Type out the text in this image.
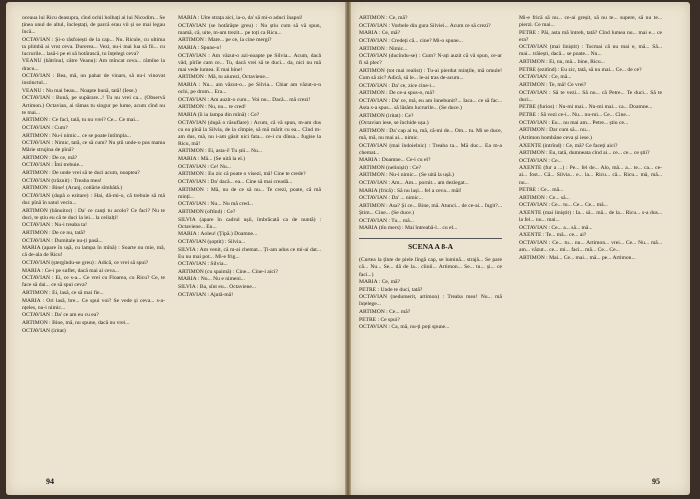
oceaua lui Ricu deasupra, cînd ochii holbați ai lui Nicodim... Se ținea unul de altul, încleștați, de parcă erau vii și se mai legau încă...

OCTAVIAN : Și-o răsfoiești de la cap... Nu. Ricule, cu ultima ta plimbă ai vrut ceva. Durerea... Vezi, nu-i mai lua să fii... cu lucrurile... lasă-i pe ei să hotărască, tu înțelegi ceva?

VEANU (bătrînul, către Veanu): Am mîncat ceva... rămîne la dracu...

OCTAVIAN : Bea, mă, un pahar de vinars, să nu-i vinovat instinctul...

VEANU : Nu mai beau... Noapte bună, tată! (Iese.)

OCTAVIAN : Bună, pe supărare...! Tu nu vrei ca... (Observă Artimon.) Octavian, ai rămas tu singur pe lume, acum cînd nu te mai...

ARTIMON : Ce faci, tată, tu nu vrei? Ce... Ce mai...

OCTAVIAN : Cum?

ARTIMON : Nu-i nimic... ce se poate întîmpla...

OCTAVIAN : Nimic, tată, ce să cum? Nu știi unde-o pus mama Mărie strujina de pînă?

ARTIMON : De ce, mă?

OCTAVIAN : Îmi trebuie...

ARTIMON : De unde vrei să te duci acum, noaptea?

OCTAVIAN (trăznit) : Treaba mea!

ARTIMON : Bine! (Aranj, cotlărie sîmbătă.)

OCTAVIAN (după o ezitare) : Hai, dă-mi-o, că trebuie să mă duc pînă în satul vecin...

ARTIMON (bănuitor) : Da' ce cauți tu acolo? Ce faci? Nu te duci, te știu eu că te duci la lei... la ceilalți!

OCTAVIAN : Nu-i treaba ta!

ARTIMON : De ce nu, tată?

OCTAVIAN : Dumitale nu-ți pasă...

MARIA (apare în ușă, cu lampa în mînă) : Soarte nu mie, mă, că de-ala de Ricu!

OCTAVIAN (ștergîndu-se greu) : Adică, ce vrei să spui?

MARIA : Ce-i pe suflet, dacă mai ai ceva...

OCTAVIAN : Ei, ce s-a... Ce vrei cu Floarea, cu Ricu? Ce, te face să dai... ce să spui ceva?

ARTIMON : Ei, lasă, ce să mai fie...

MARIA : Ori lasă, bre... Ce spui voi? Se vede și ceva... s-a-nțeles, nu-i nimic...

OCTAVIAN : Da' ce am eu cu ea?

ARTIMON : Bine, mă, nu spune, dacă nu vrei...

OCTAVIAN (iritat)

MARIA : Uite strața aici, ia-o, da' să mi-o aduci înapoi!

OCTAVIAN (se hotărăște greu) : Nu știu cum să vă spun, mamă, că, uite, m-am trezit... pe toți ca Ricu...

ARTIMON : Mare... pe ce, la cine mergi?

MARIA : Spune-o!

OCTAVIAN : Am văzut-o azi-noapte pe Silvia... Acum, dacă văd, pîrîie cam ce... Tu, dacă vrei să te duci... da, nici nu mă mai vede lumea. E mai bine!

ARTIMON : Mă, tu aiurezi, Octaviene...

MARIA : Nu... am văzut-o... pe Silvia... Chiar am văzut-o-n ochi, pe drum... Era...

OCTAVIAN : Am auzit-o cum... Voi nu... Dacă... mă crezi!

ARTIMON : Nu, nu... te cred!

MARIA (îi ia lampa din mînă) : Ce?

OCTAVIAN (după o răsuflare) : Acum, că vă spun, m-am dus cu ea pînă la Silvia, de la cîmpie, să mă mărit cu ea... Cînd m-am dus, mă, nu i-am găsit nici fata... ce-i cu dînsa... fugise la Ricu, mă!

ARTIMON : Ei, asta-i! Tu știi... Nu...

MARIA : Mă... (Se uită la el.)

OCTAVIAN : Ce! Nu...

ARTIMON : Eu zic că poate o visezi, mă! Cine te crede?

OCTAVIAN : Da' dacă... ea... Cine să mai creadă...

ARTIMON : Mă, nu de ce să nu... Te crezi, poate, că mă minți...

OCTAVIAN : Nu... Nu mă cred...

ARTIMON (oftînd) : Ce?

SILVIA (apare în cadrul ușii, îmbrăcată ca de nuntă) : Octaviene... Eu...

MARIA : Aoleu! (Țipă.) Doamne...

OCTAVIAN (șoptit) : Silvia...

SILVIA : Am venit, că m-ai chemat... Ți-am adus ce mi-ai dat... Eu nu mai pot... Mi-e frig...

OCTAVIAN : Silvia...

ARTIMON (cu spaimă) : Cine... Cine-i aici?

MARIA : Nu... Nu e nimeni...

SILVIA : Ba, sînt eu... Octaviene...

OCTAVIAN : Ajută-mă!

94

ARTIMON : Ce, mă?

OCTAVIAN : Vorbele din gura Silviei... Acum ce să crezi?

MARIA : Ce, mă?

OCTAVIAN : Credeți că... cine? Mi-o spune...

ARTIMON : Nimic...

OCTAVIAN (ducîndu-se) : Cum? N-ați auzit că vă spun, ce-ar fi să plec?

ARTIMON (tot mai realist) : Tu-ai pierdut mințile, mă omule! Cum să zic? Adică, să le... le-ai tras de-acum...

OCTAVIAN : Da' ce, zice cine-i...

ARTIMON : De ce-a spus-o, mă?

OCTAVIAN : Da' ce, mă, eu am înnebunit?... Iaca... ce să fac... Asta s-a spus... să lăsăm lucrurile... (Se duce.)

ARTIMON (iritat) : Ce?

(Octavian iese, se închide ușa.)

ARTIMON : Da' cap ai tu, mă, că-mi de... Om... tu. Mi se duce, mă, mă, nu mai ai... nimic.

OCTAVIAN (mai îndoielnic) : Treaba ta... Mă duc... Ea m-a chemat...

MARIA : Doamne... Ce-i cu el?

ARTIMON (nelinișit) : Ce?

ARTIMON : Nu-i nimic... (Se uită la ușă.)

OCTAVIAN : Am... Am... pornit... am dezlegat...

MARIA (frică) : Să nu lași... fel a ceva... măi!

OCTAVIAN : Da' ... nimic...

ARTIMON : Asa? Și ce... Bine, mă. Atunci... de ce-ai... fugit?... Știm... Cine... (Se duce.)

OCTAVIAN : Tu... mă...

MARIA (tîn mers) : Mai întreabă-l... cu el...

SCENA A 8-A

(Curtea la țînte de piele lîngă cap, se lumină... strajă... Se pare că... Nu... Se... dă de la... cîinii... Artimon... Se... tu... și... ce faci...)

MARIA : Ce, mă?

PETRE : Unde te duci, tată?

OCTAVIAN (nedumerit, artimon) : Treaba mea! Nu... mă înțelege...

ARTIMON : Ce... mă?

PETRE : Ce spui?

OCTAVIAN : Ca, mă, nu-ți poți spune...

Mi-e frică să nu... ce-ai greșit, să nu te... supere, să nu te... pierzi. Ce mai...

PETRE : Păi, asta mă întreb, tată? Cînd lumea nu... mai e... ce era?

OCTAVIAN (mai liniștit) : Tocmai că nu mai e, mă... Să... mai... trăiești, dacă... se poate... Nu...

ARTIMON : Ei, nu, mă... bine, Ricu...

PETRE (ezitînd) : Eu zic, tată, să nu mai... Ce... de ce?

OCTAVIAN : Ce, mă...

ARTIMON : Te, mă! Ce vrei?

OCTAVIAN : Să te vezi... Să nu... că Petre... Te duci... Să te duci...

PETRE (furios) : Nu-mi mai... Nu-mi mai... ca... Doamne...

PETRE : Să vezi ce-i... Nu... nu-mi... Ce... Cine...

OCTAVIAN : Eu... nu mai am... Petre... știu ce...

ARTIMON : Dar cum să... nu...

(Artimon bombăne ceva și iese.)

AXENTE (intrînd) : Ce, mă? Ce faceți aici?

ARTIMON : Eu, tată, dumneata cînd ai... ce... ce... ce știi?

OCTAVIAN : Ce...

AXENTE (fur a ...) : Pe... fel de... Alo, mă... a... te... ca... ce-ai... fost... Că... Silvia... e... la... Ricu... că... Ricu... mă, mă... nu...

PETRE : Ce... mă...

ARTIMON : Ce... să...

OCTAVIAN : Ce... tu... Ce... Ce... mă...

AXENTE (mai liniștit) : Ia... să... mă... de la... Ricu... s-a dus... la fel... nu... mai...

OCTAVIAN : Ce... a... să... mă...

AXENTE : Te... mă... ce... ai?

OCTAVIAN : Ce... tu... nu... Artimon... vrei... Ce... Nu... mă... am... văzut... ce... mi... faci... mă... Ce... Ce...

ARTIMON : Mai... Ce... mai... mă... pe... Artimon...

95
